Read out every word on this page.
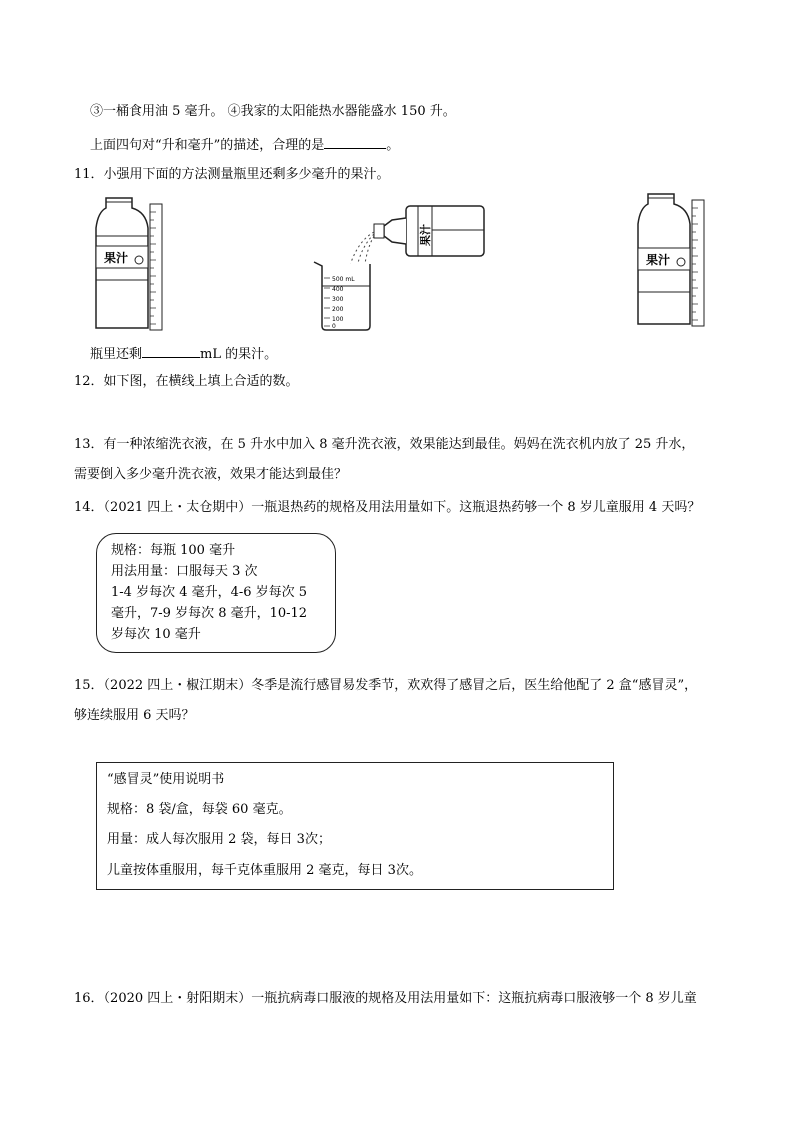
③一桶食用油 5 毫升。 ④我家的太阳能热水器能盛水 150 升。
上面四句对“升和毫升”的描述，合理的是	。
11．小强用下面的方法测量瓶里还剩多少毫升的果汁。
果汁
果汁
500 mL
400
300
200
100
0
果汁
瓶里还剩	mL 的果汁。
12．如下图，在横线上填上合适的数。
13．有一种浓缩洗衣液，在 5 升水中加入 8 毫升洗衣液，效果能达到最佳。妈妈在洗衣机内放了 25 升水，
需要倒入多少毫升洗衣液，效果才能达到最佳？
14．（2021 四上・太仓期中）一瓶退热药的规格及用法用量如下。这瓶退热药够一个 8 岁儿童服用 4 天吗？

规格：每瓶 100 毫升

用法用量：口服每天 3 次

1-4 岁每次 4 毫升，4-6 岁每次 5

毫升，7-9 岁每次 8 毫升，10-12

岁每次 10 毫升

15．（2022 四上・椒江期末）冬季是流行感冒易发季节，欢欢得了感冒之后，医生给他配了 2 盒“感冒灵”，
够连续服用 6 天吗？

“感冒灵”使用说明书

规格：8 袋/盒，每袋 60 毫克。

用量：成人每次服用 2 袋，每日 3次；

儿童按体重服用，每千克体重服用 2 毫克，每日 3次。

16．（2020 四上・射阳期末）一瓶抗病毒口服液的规格及用法用量如下：这瓶抗病毒口服液够一个 8 岁儿童
